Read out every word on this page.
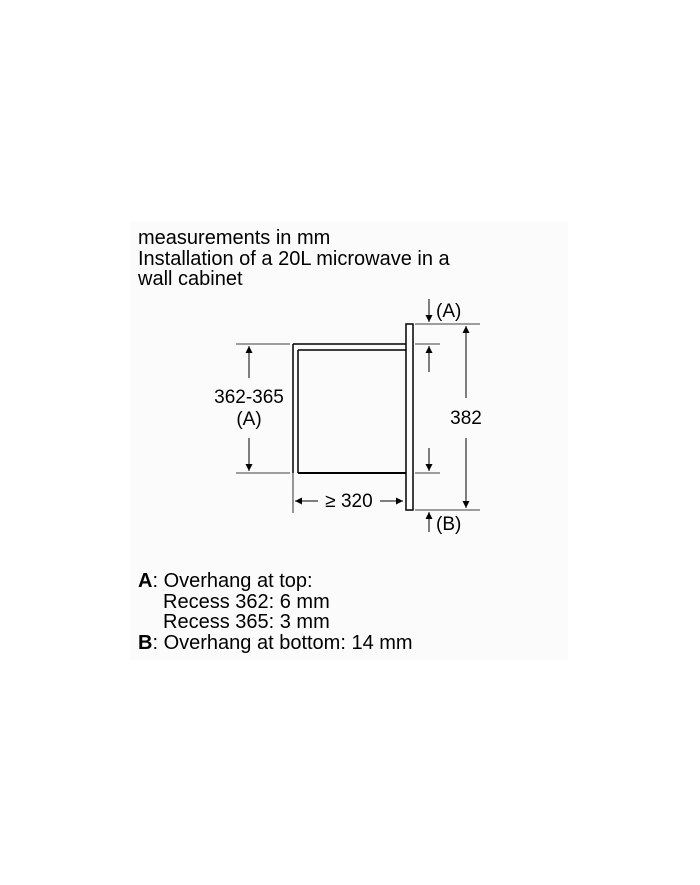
measurements in mm
Installation of a 20L microwave in a
wall cabinet
362-365
(A)
≥ 320
(A)
(B)
382
A: Overhang at top:
Recess 362: 6 mm
Recess 365: 3 mm
B: Overhang at bottom: 14 mm
